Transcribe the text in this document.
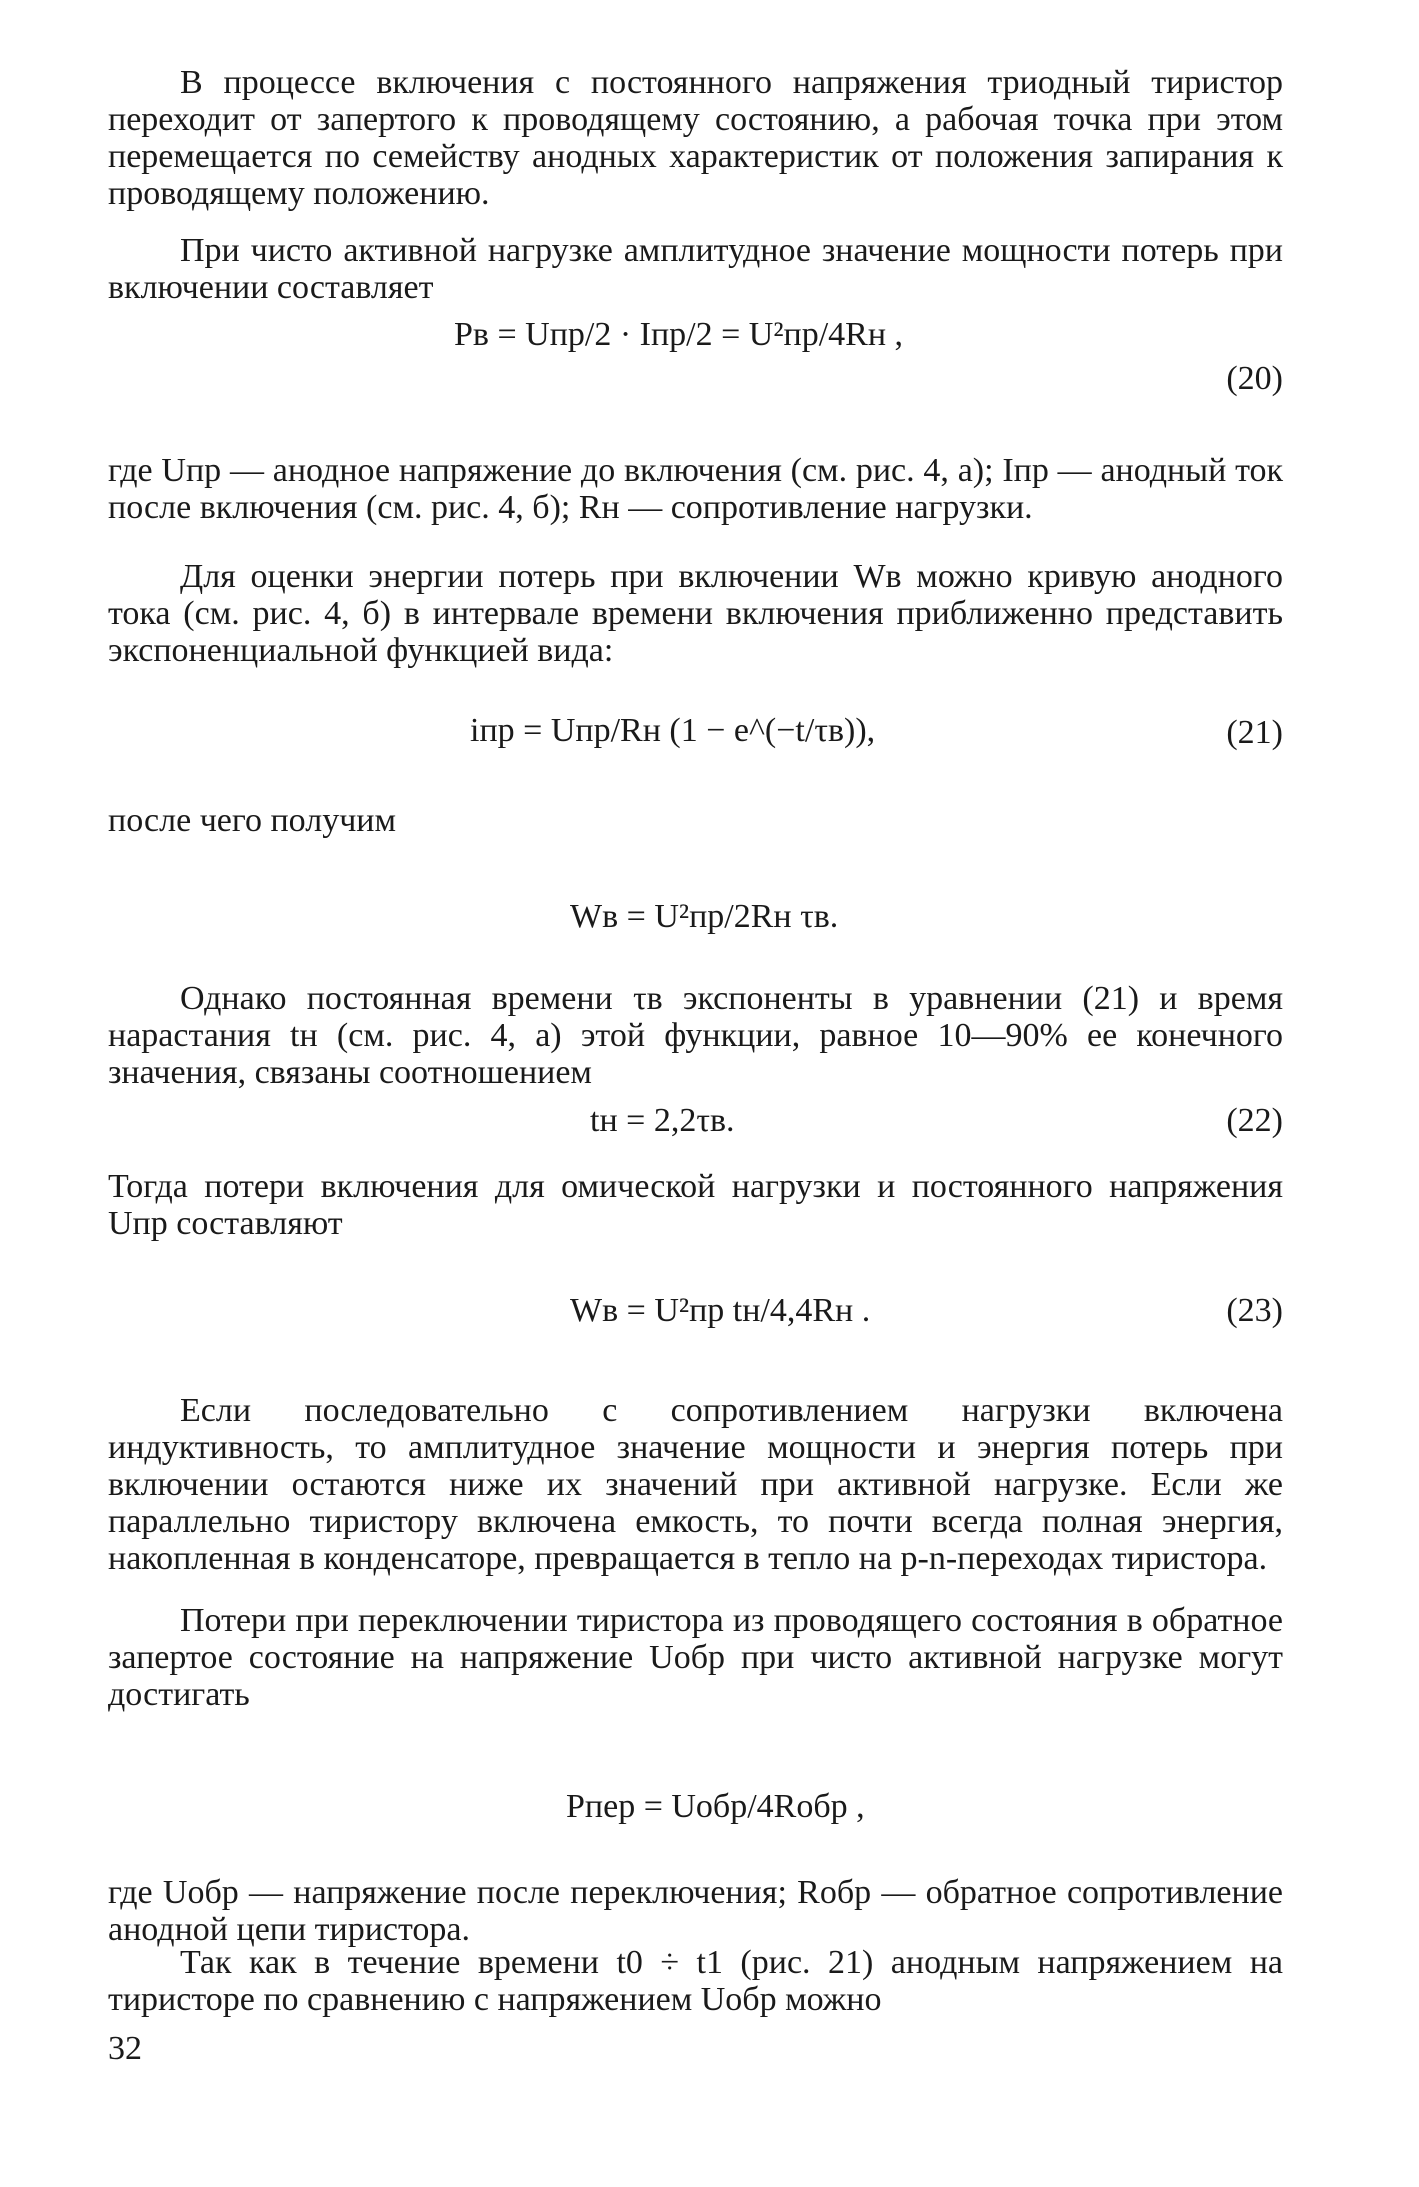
В процессе включения с постоянного напряжения триодный тиристор переходит от запертого к проводящему состоянию, а рабочая точка при этом перемещается по семейству анодных характеристик от положения запирания к проводящему положению.

При чисто активной нагрузке амплитудное значение мощности потерь при включении составляет

Pв = Uпр/2 · Iпр/2 = U²пр/4Rн ,
(20)

где Uпр — анодное напряжение до включения (см. рис. 4, а); Iпр — анодный ток после включения (см. рис. 4, б); Rн — сопротивление нагрузки.

Для оценки энергии потерь при включении Wв можно кривую анодного тока (см. рис. 4, б) в интервале времени включения приближенно представить экспоненциальной функцией вида:

iпр = Uпр/Rн (1 − e^(−t/τв)),	(21)

после чего получим

Wв = U²пр/2Rн τв.

Однако постоянная времени τв экспоненты в уравнении (21) и время нарастания tн (см. рис. 4, а) этой функции, равное 10—90% ее конечного значения, связаны соотношением

tн = 2,2τв.	(22)

Тогда потери включения для омической нагрузки и постоянного напряжения Uпр составляют

Wв = U²пр tн/4,4Rн .	(23)

Если последовательно с сопротивлением нагрузки включена индуктивность, то амплитудное значение мощности и энергия потерь при включении остаются ниже их значений при активной нагрузке. Если же параллельно тиристору включена емкость, то почти всегда полная энергия, накопленная в конденсаторе, превращается в тепло на p-n-переходах тиристора.

Потери при переключении тиристора из проводящего состояния в обратное запертое состояние на напряжение Uобр при чисто активной нагрузке могут достигать

Pпер = Uобр/4Rобр ,

где Uобр — напряжение после переключения; Rобр — обратное сопротивление анодной цепи тиристора.

Так как в течение времени t0 ÷ t1 (рис. 21) анодным напряжением на тиристоре по сравнению с напряжением Uобр можно

32
